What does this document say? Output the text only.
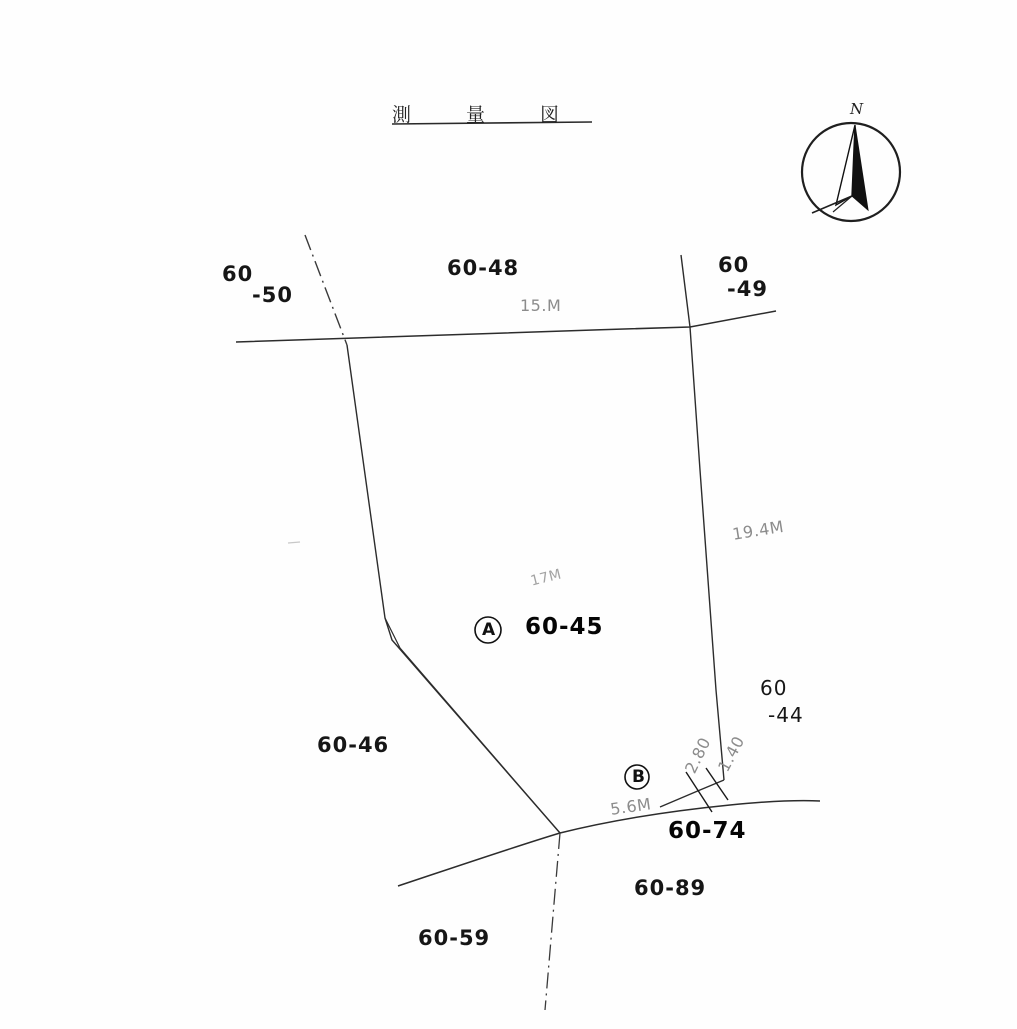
測　量　図	N
60
-50
60-48	60
-49
60-45
60-46
60
-44
60-74
60-89
60-59
A
B
15.M
19.4M
17M
5.6M
2.80 1.40
